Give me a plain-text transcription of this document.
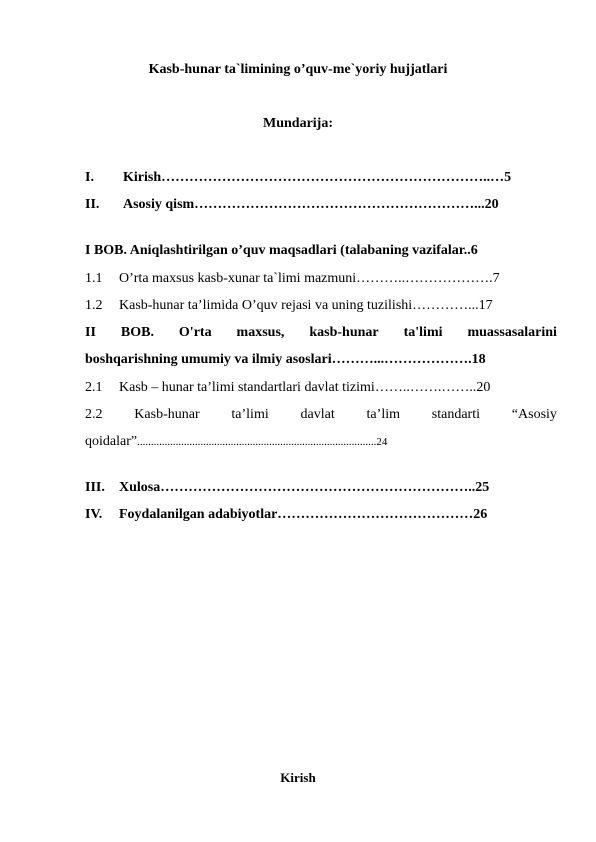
Kasb-hunar ta`limining o’quv-me`yoriy hujjatlari
Mundarija:
I. Kirish……………………………………………………………..…5
II. Asosiy qism……………………………………………………...20
I BOB. Aniqlashtirilgan o’quv maqsadlari (talabaning vazifalar..6
1.1 O’rta maxsus kasb-xunar ta`limi mazmuni………..……………….7
1.2 Kasb-hunar ta’limida O’quv rejasi va uning tuzilishi…………...17
II BOB. O'rta maxsus, kasb-hunar ta'limi muassasalarini
boshqarishning umumiy va ilmiy asoslari………...……………….18
2.1 Kasb – hunar ta’limi standartlari davlat tizimi……..…….……..20
2.2 Kasb-hunar ta’limi davlat ta’lim standarti “Asosiy
qoidalar”.......................................................................................24
III. Xulosa…………………………………………………………..25
IV. Foydalanilgan adabiyotlar……………………………………26
Kirish
